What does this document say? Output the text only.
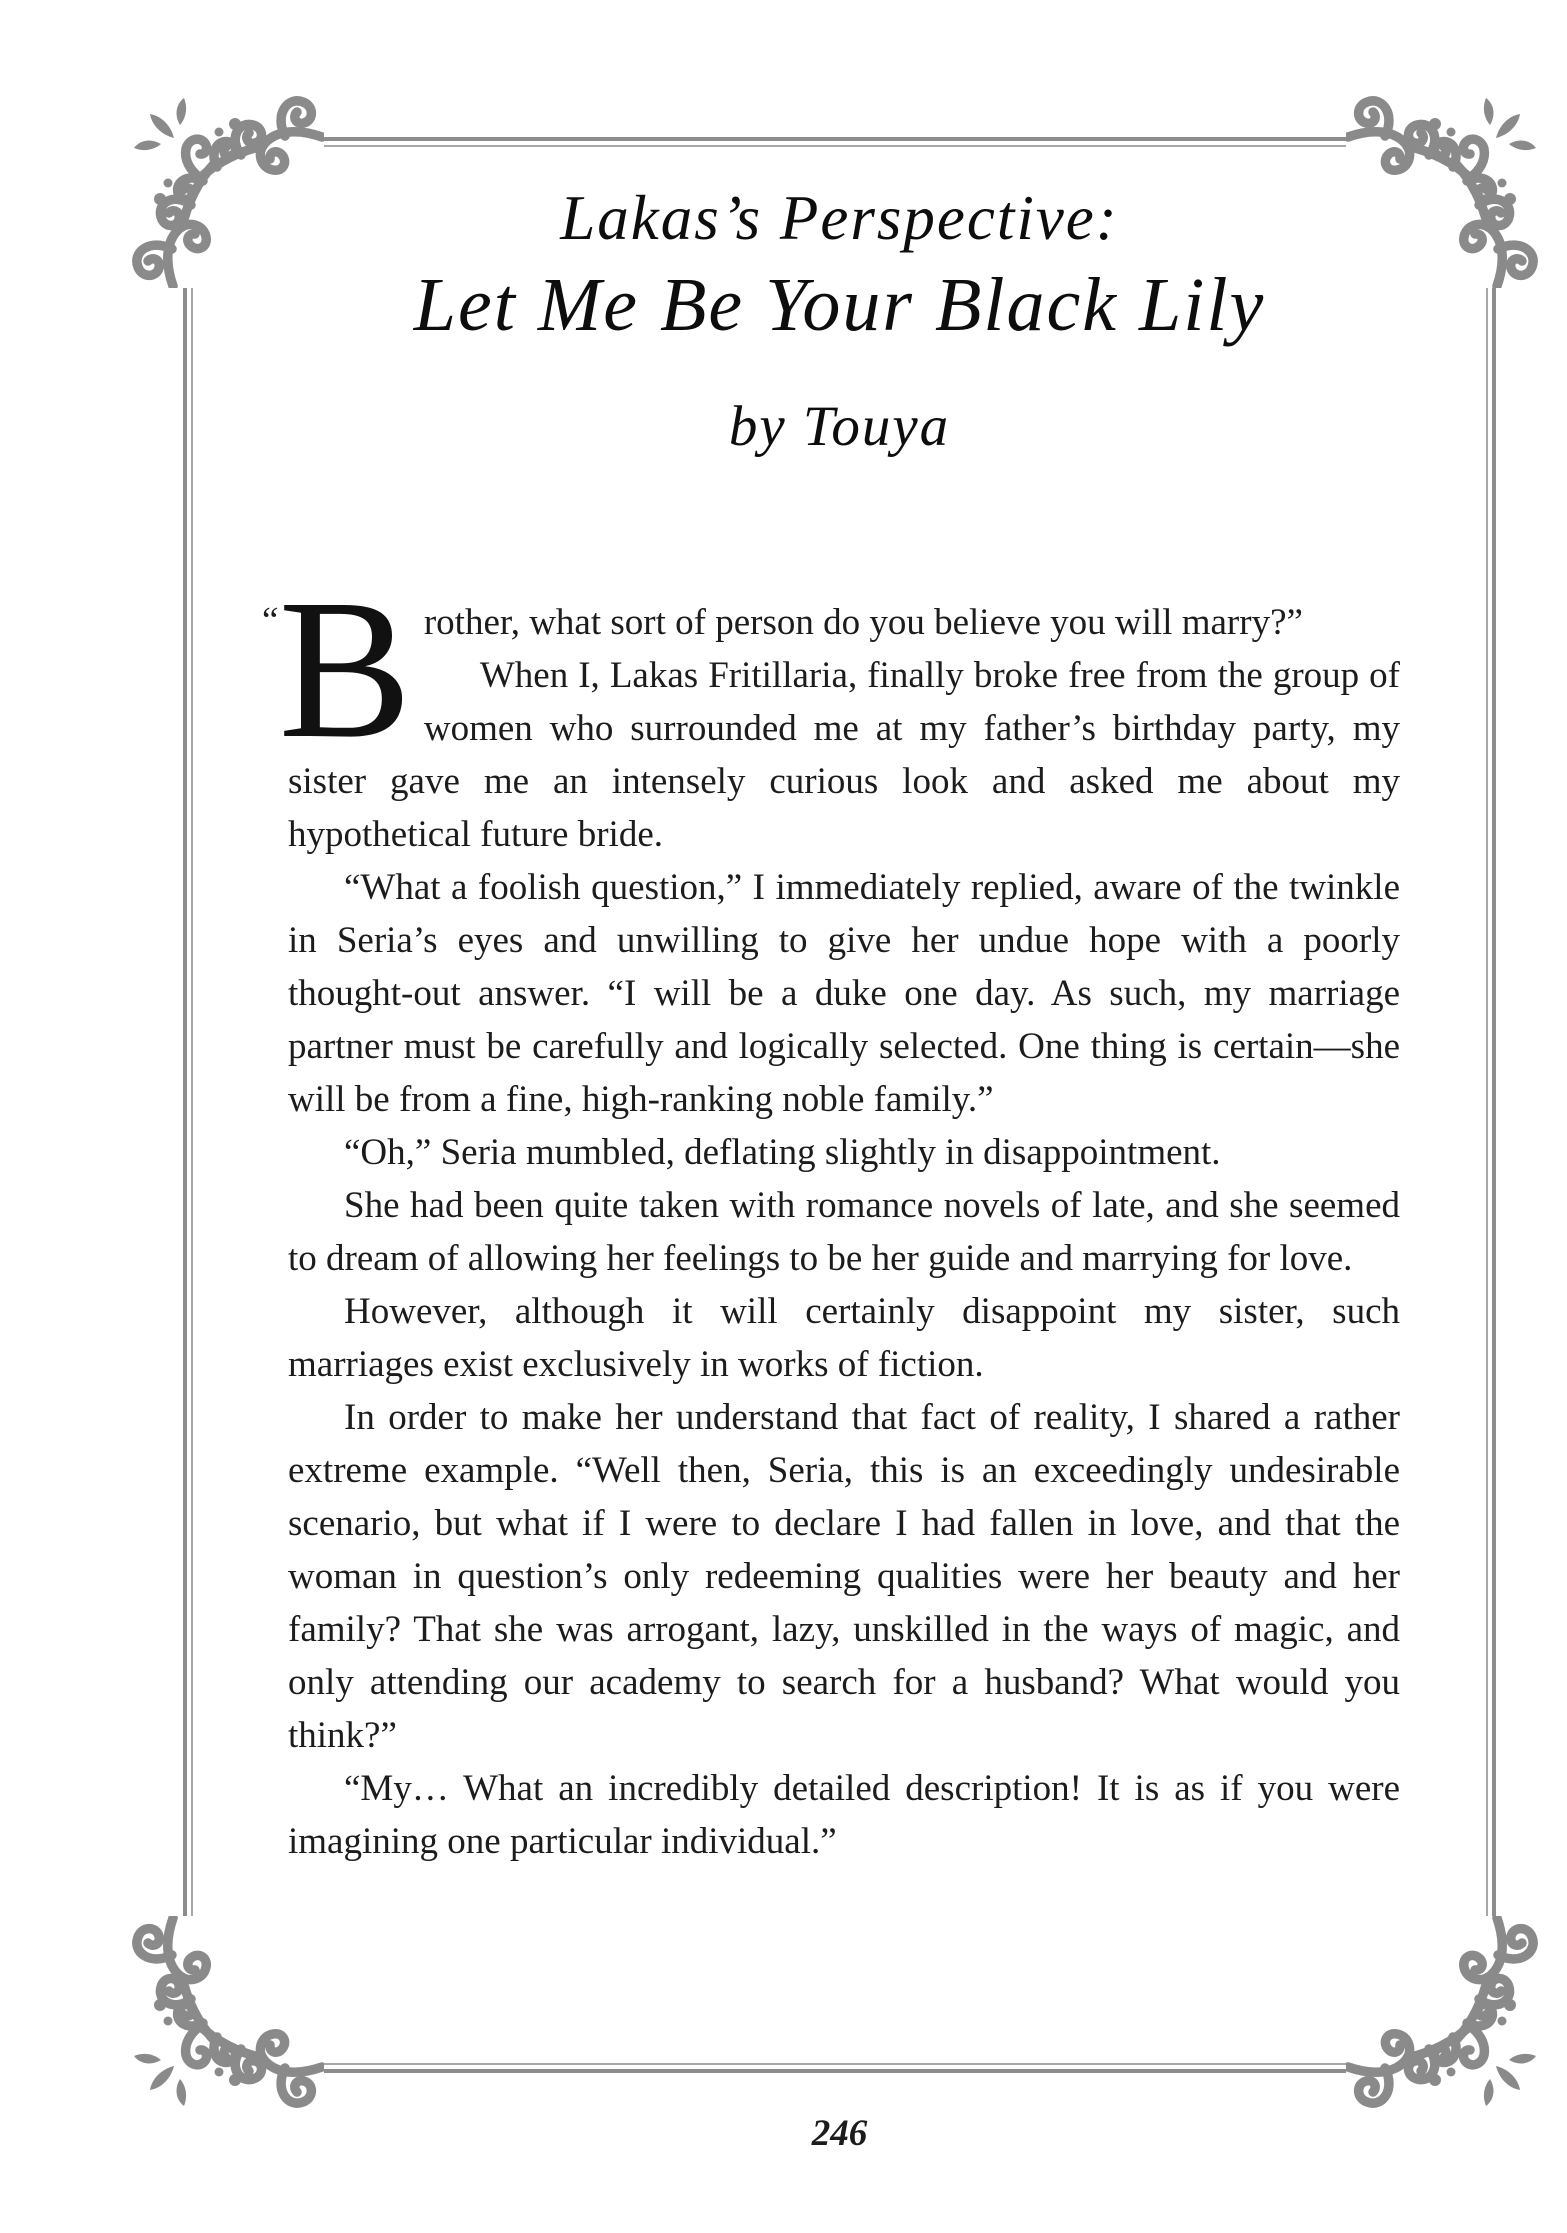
Lakas’s Perspective:
Let Me Be Your Black Lily
by Touya

“ B rother, what sort of person do you believe you will marry?”

When I, Lakas Fritillaria, finally broke free from the group of women who surrounded me at my father’s birthday party, my sister gave me an intensely curious look and asked me about my hypothetical future bride.

“What a foolish question,” I immediately replied, aware of the twinkle in Seria’s eyes and unwilling to give her undue hope with a poorly thought-out answer. “I will be a duke one day. As such, my marriage partner must be carefully and logically selected. One thing is certain—she will be from a fine, high-ranking noble family.”

“Oh,” Seria mumbled, deflating slightly in disappointment.

She had been quite taken with romance novels of late, and she seemed to dream of allowing her feelings to be her guide and marrying for love.

However, although it will certainly disappoint my sister, such marriages exist exclusively in works of fiction.

In order to make her understand that fact of reality, I shared a rather extreme example. “Well then, Seria, this is an exceedingly undesirable scenario, but what if I were to declare I had fallen in love, and that the woman in question’s only redeeming qualities were her beauty and her family? That she was arrogant, lazy, unskilled in the ways of magic, and only attending our academy to search for a husband? What would you think?”

“My… What an incredibly detailed description! It is as if you were imagining one particular individual.”

246
